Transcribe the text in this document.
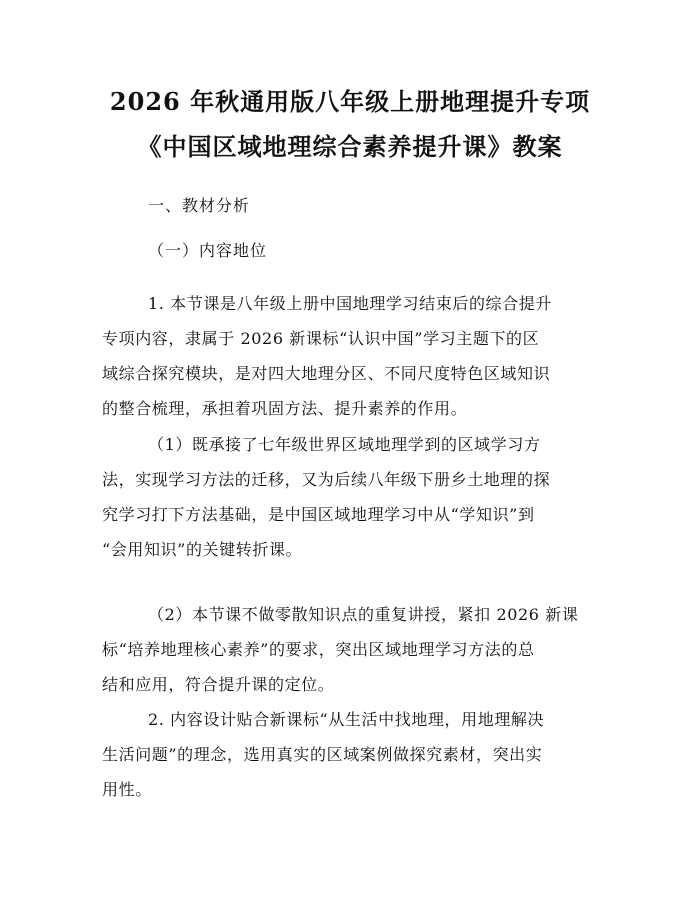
2026 年秋通用版八年级上册地理提升专项
《中国区域地理综合素养提升课》教案
一、教材分析
（一）内容地位
1. 本节课是八年级上册中国地理学习结束后的综合提升
专项内容，隶属于 2026 新课标“认识中国”学习主题下的区
域综合探究模块，是对四大地理分区、不同尺度特色区域知识
的整合梳理，承担着巩固方法、提升素养的作用。
（1）既承接了七年级世界区域地理学到的区域学习方
法，实现学习方法的迁移，又为后续八年级下册乡土地理的探
究学习打下方法基础，是中国区域地理学习中从“学知识”到
“会用知识”的关键转折课。
（2）本节课不做零散知识点的重复讲授，紧扣 2026 新课
标“培养地理核心素养”的要求，突出区域地理学习方法的总
结和应用，符合提升课的定位。
2. 内容设计贴合新课标“从生活中找地理，用地理解决
生活问题”的理念，选用真实的区域案例做探究素材，突出实
用性。
